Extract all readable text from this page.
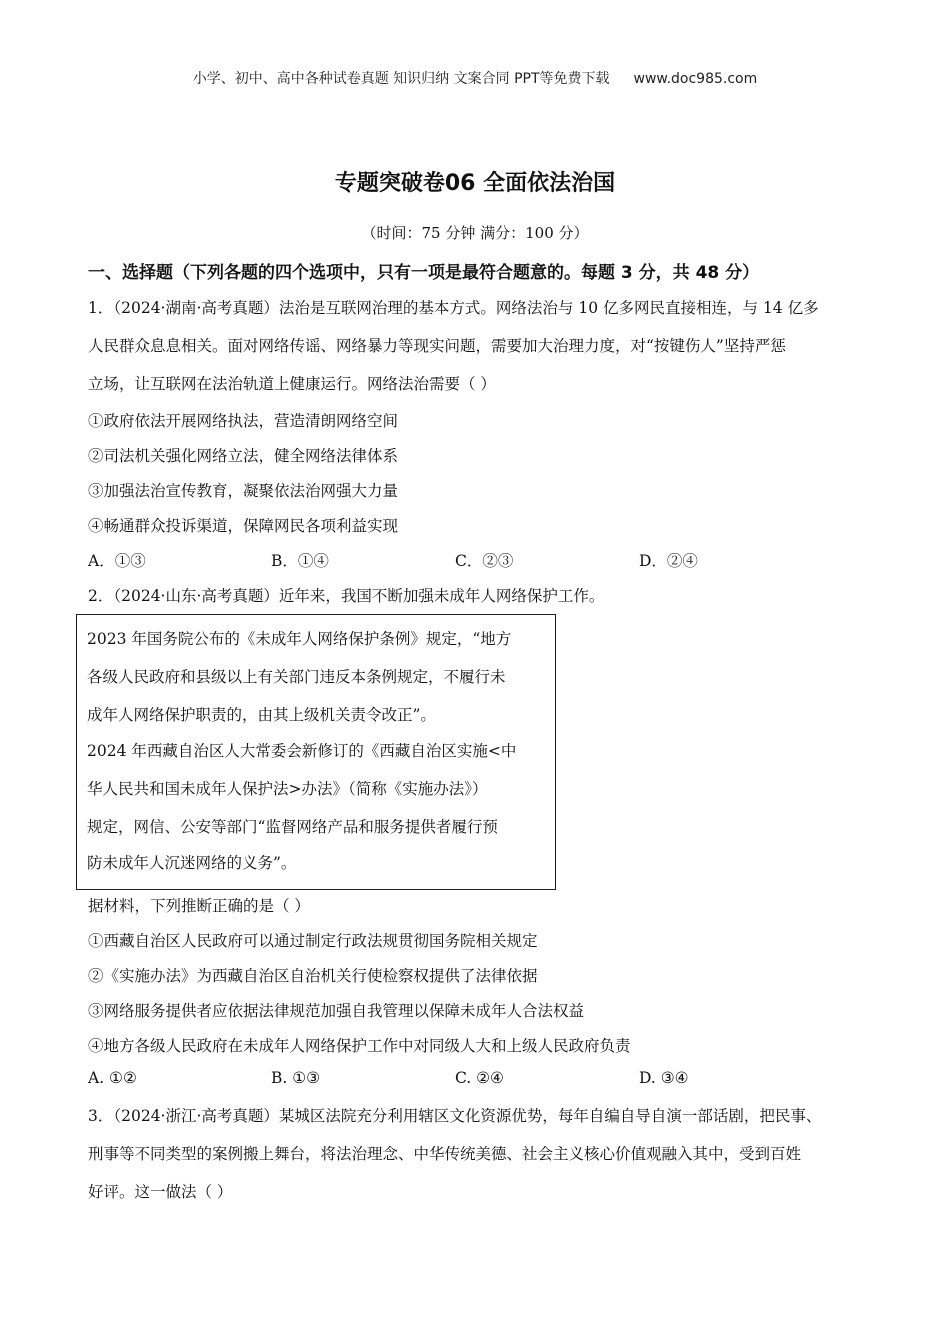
小学、初中、高中各种试卷真题 知识归纳 文案合同 PPT等免费下载 www.doc985.com
专题突破卷06 全面依法治国
（时间：75 分钟 满分：100 分）
一、选择题（下列各题的四个选项中，只有一项是最符合题意的。每题 3 分，共 48 分）
1．（2024·湖南·高考真题）法治是互联网治理的基本方式。网络法治与 10 亿多网民直接相连，与 14 亿多
人民群众息息相关。面对网络传谣、网络暴力等现实问题，需要加大治理力度，对“按键伤人”坚持严惩
立场，让互联网在法治轨道上健康运行。网络法治需要（ ）
①政府依法开展网络执法，营造清朗网络空间
②司法机关强化网络立法，健全网络法律体系
③加强法治宣传教育，凝聚依法治网强大力量
④畅通群众投诉渠道，保障网民各项利益实现
A．①③	B．①④	C．②③	D．②④
2．（2024·山东·高考真题）近年来，我国不断加强未成年人网络保护工作。
2023 年国务院公布的《未成年人网络保护条例》规定，“地方
各级人民政府和县级以上有关部门违反本条例规定，不履行未
成年人网络保护职责的，由其上级机关责令改正”。
2024 年西藏自治区人大常委会新修订的《西藏自治区实施<中
华人民共和国未成年人保护法>办法》（简称《实施办法》）
规定，网信、公安等部门“监督网络产品和服务提供者履行预
防未成年人沉迷网络的义务”。
据材料，下列推断正确的是（ ）
①西藏自治区人民政府可以通过制定行政法规贯彻国务院相关规定
②《实施办法》为西藏自治区自治机关行使检察权提供了法律依据
③网络服务提供者应依据法律规范加强自我管理以保障未成年人合法权益
④地方各级人民政府在未成年人网络保护工作中对同级人大和上级人民政府负责
A. ①②	B. ①③	C. ②④	D. ③④
3．（2024·浙江·高考真题）某城区法院充分利用辖区文化资源优势，每年自编自导自演一部话剧，把民事、
刑事等不同类型的案例搬上舞台，将法治理念、中华传统美德、社会主义核心价值观融入其中，受到百姓
好评。这一做法（ ）
